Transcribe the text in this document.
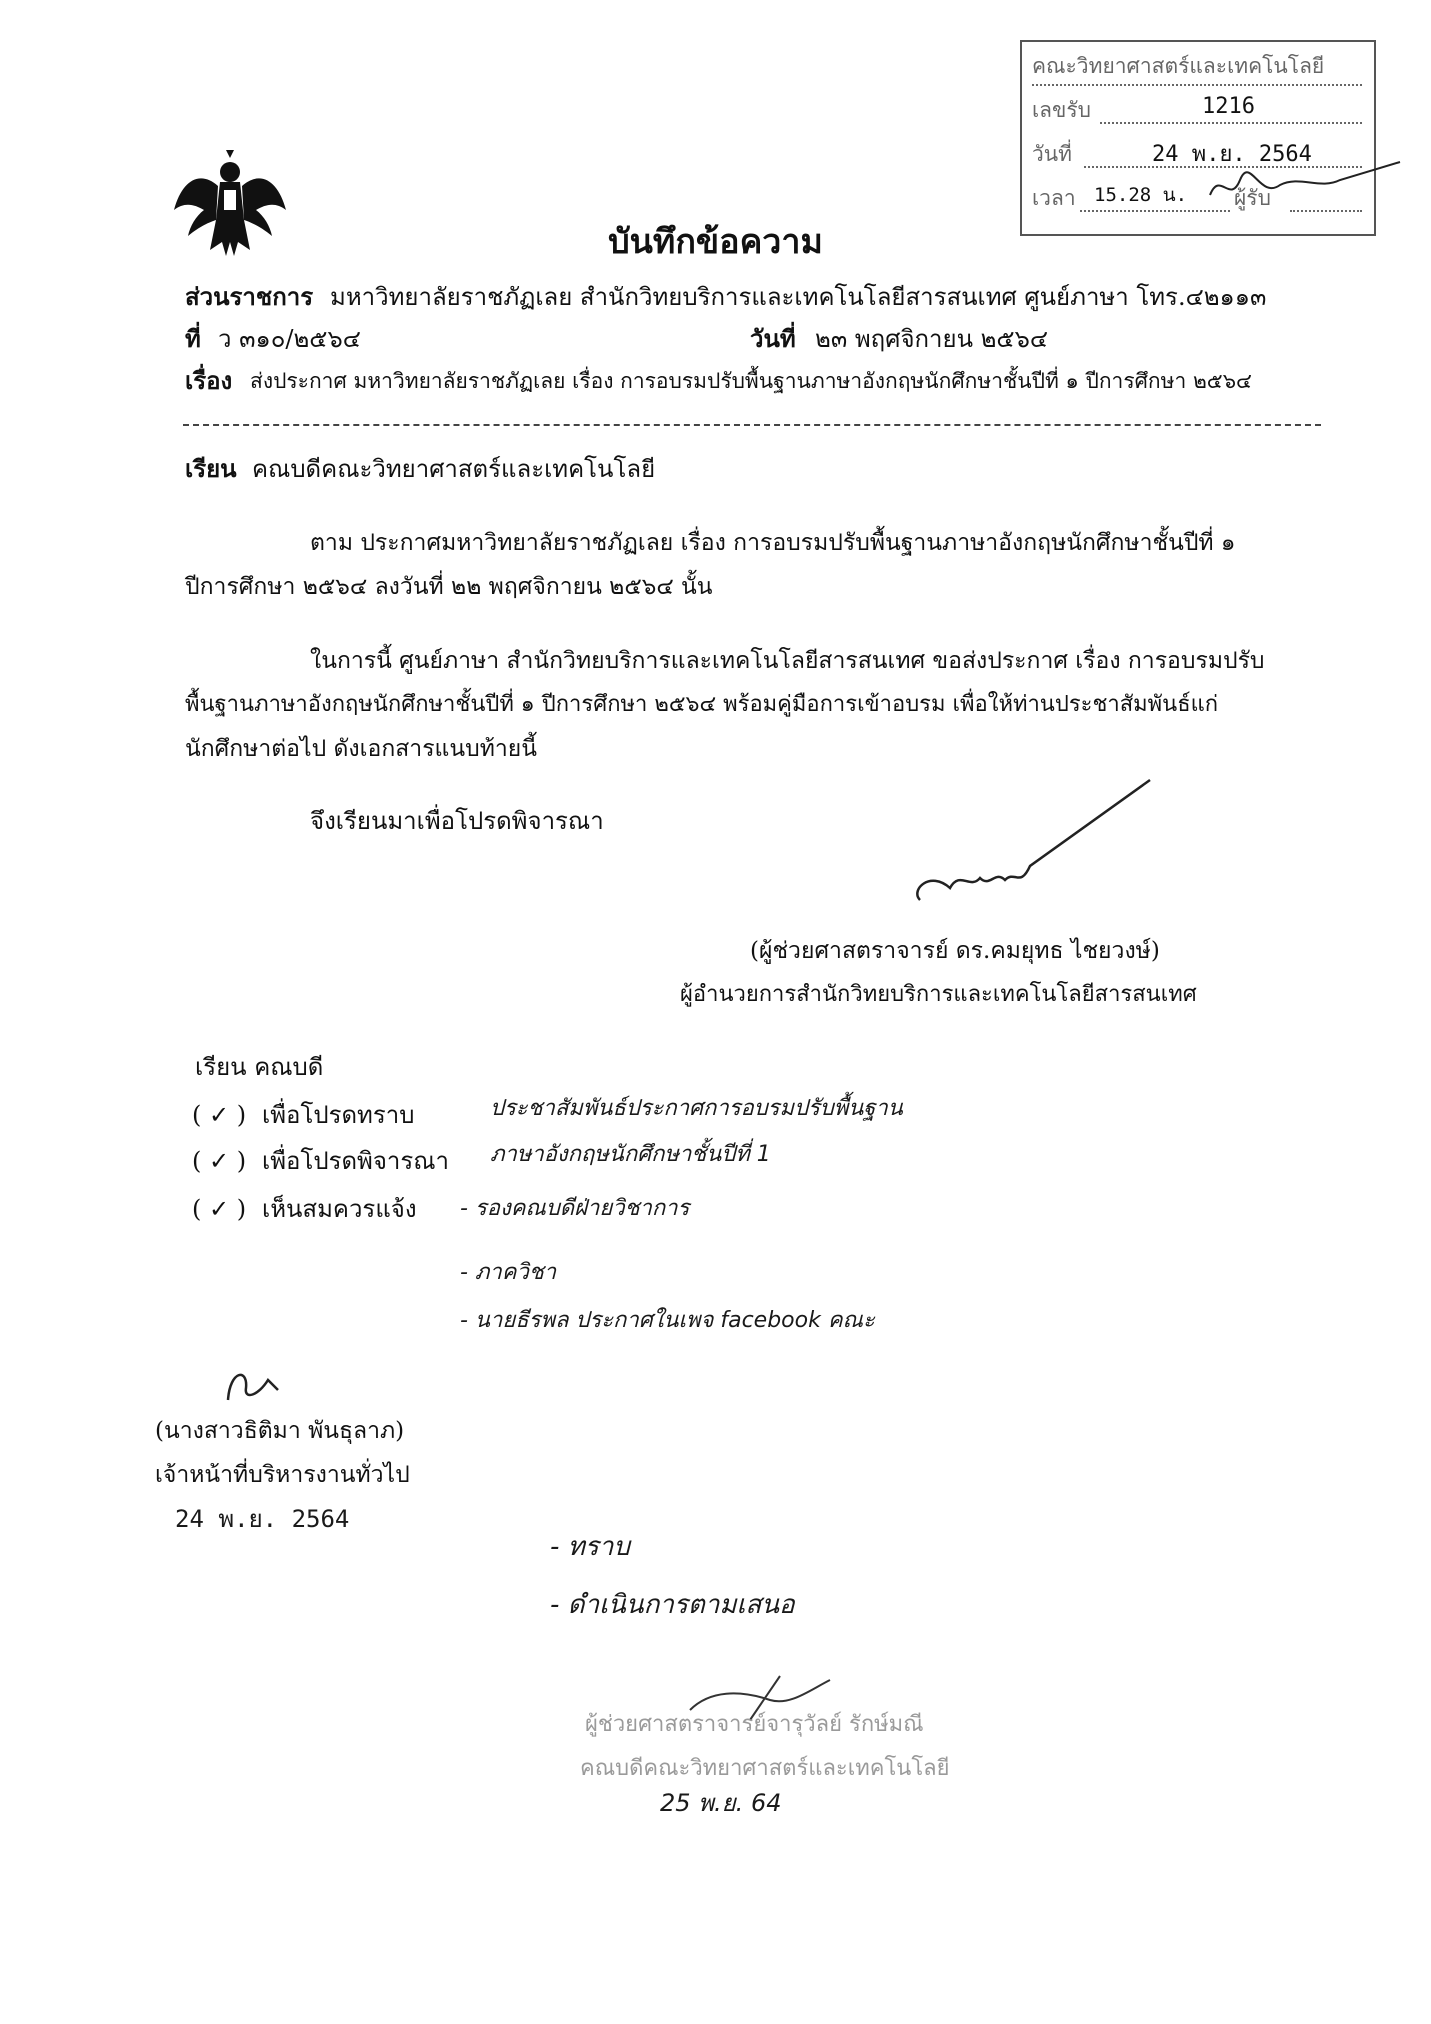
คณะวิทยาศาสตร์และเทคโนโลยี
เลขรับ	1216
วันที่	24 พ.ย. 2564
เวลา 15.28 น. ผู้รับ
บันทึกข้อความ
ส่วนราชการ มหาวิทยาลัยราชภัฏเลย สำนักวิทยบริการและเทคโนโลยีสารสนเทศ ศูนย์ภาษา โทร.๔๒๑๑๓
ที่ ว ๓๑๐/๒๕๖๔	วันที่ ๒๓ พฤศจิกายน ๒๕๖๔
เรื่อง ส่งประกาศ มหาวิทยาลัยราชภัฏเลย เรื่อง การอบรมปรับพื้นฐานภาษาอังกฤษนักศึกษาชั้นปีที่ ๑ ปีการศึกษา ๒๕๖๔
เรียน คณบดีคณะวิทยาศาสตร์และเทคโนโลยี
ตาม ประกาศมหาวิทยาลัยราชภัฏเลย เรื่อง การอบรมปรับพื้นฐานภาษาอังกฤษนักศึกษาชั้นปีที่ ๑
ปีการศึกษา ๒๕๖๔ ลงวันที่ ๒๒ พฤศจิกายน ๒๕๖๔ นั้น
ในการนี้ ศูนย์ภาษา สำนักวิทยบริการและเทคโนโลยีสารสนเทศ ขอส่งประกาศ เรื่อง การอบรมปรับ
พื้นฐานภาษาอังกฤษนักศึกษาชั้นปีที่ ๑ ปีการศึกษา ๒๕๖๔ พร้อมคู่มือการเข้าอบรม เพื่อให้ท่านประชาสัมพันธ์แก่
นักศึกษาต่อไป ดังเอกสารแนบท้ายนี้
จึงเรียนมาเพื่อโปรดพิจารณา
(ผู้ช่วยศาสตราจารย์ ดร.คมยุทธ ไชยวงษ์)
ผู้อำนวยการสำนักวิทยบริการและเทคโนโลยีสารสนเทศ
เรียน คณบดี
( ✓ ) เพื่อโปรดทราบ
( ✓ ) เพื่อโปรดพิจารณา
( ✓ ) เห็นสมควรแจ้ง
ประชาสัมพันธ์ประกาศการอบรมปรับพื้นฐาน
ภาษาอังกฤษนักศึกษาชั้นปีที่ 1
- รองคณบดีฝ่ายวิชาการ
- ภาควิชา
- นายธีรพล ประกาศในเพจ facebook คณะ
(นางสาวธิติมา พันธุลาภ)
เจ้าหน้าที่บริหารงานทั่วไป
24 พ.ย. 2564
- ทราบ
- ดำเนินการตามเสนอ
ผู้ช่วยศาสตราจารย์จารุวัลย์ รักษ์มณี
คณบดีคณะวิทยาศาสตร์และเทคโนโลยี
25 พ.ย. 64
